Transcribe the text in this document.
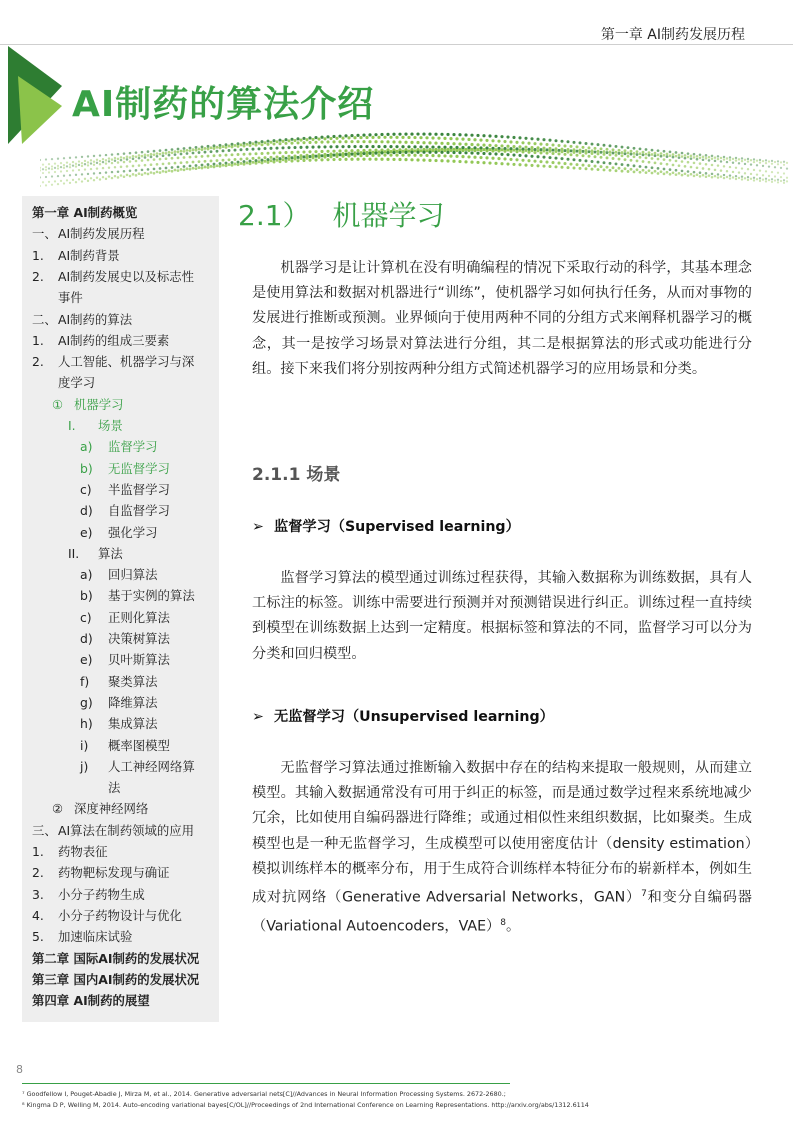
第一章 AI制药发展历程
AI制药的算法介绍
第一章 AI制药概览
一、 AI制药发展历程
1. AI制药背景
2. AI制药发展史以及标志性
事件
二、 AI制药的算法
1. AI制药的组成三要素
2. 人工智能、机器学习与深
度学习
① 机器学习
I. 场景
a) 监督学习
b) 无监督学习
c) 半监督学习
d) 自监督学习
e) 强化学习
II. 算法
a) 回归算法
b) 基于实例的算法
c) 正则化算法
d) 决策树算法
e) 贝叶斯算法
f) 聚类算法
g) 降维算法
h) 集成算法
i) 概率图模型
j) 人工神经网络算
法
② 深度神经网络
三、 AI算法在制药领域的应用
1. 药物表征
2. 药物靶标发现与确证
3. 小分子药物生成
4. 小分子药物设计与优化
5. 加速临床试验
第二章 国际AI制药的发展状况
第三章 国内AI制药的发展状况
第四章 AI制药的展望
2.1） 机器学习
机器学习是让计算机在没有明确编程的情况下采取行动的科学，其基本理念是使用算法和数据对机器进行“训练”，使机器学习如何执行任务，从而对事物的发展进行推断或预测。业界倾向于使用两种不同的分组方式来阐释机器学习的概念，其一是按学习场景对算法进行分组，其二是根据算法的形式或功能进行分组。接下来我们将分别按两种分组方式简述机器学习的应用场景和分类。
2.1.1 场景
➢ 监督学习（Supervised learning）
监督学习算法的模型通过训练过程获得，其输入数据称为训练数据，具有人工标注的标签。训练中需要进行预测并对预测错误进行纠正。训练过程一直持续到模型在训练数据上达到一定精度。根据标签和算法的不同，监督学习可以分为分类和回归模型。
➢ 无监督学习（Unsupervised learning）
无监督学习算法通过推断输入数据中存在的结构来提取一般规则，从而建立模型。其输入数据通常没有可用于纠正的标签，而是通过数学过程来系统地减少冗余，比如使用自编码器进行降维；或通过相似性来组织数据，比如聚类。生成模型也是一种无监督学习，生成模型可以使用密度估计（density estimation）模拟训练样本的概率分布，用于生成符合训练样本特征分布的崭新样本，例如生成对抗网络（Generative Adversarial Networks，GAN）$^7$和变分自编码器（Variational Autoencoders，VAE）$^8$。
8
⁷ Goodfellow I, Pouget-Abadie J, Mirza M, et al., 2014. Generative adversarial nets[C]//Advances in Neural Information Processing Systems. 2672-2680.;
⁸ Kingma D P, Welling M, 2014. Auto-encoding variational bayes[C/OL]//Proceedings of 2nd International Conference on Learning Representations. http://arxiv.org/abs/1312.6114
